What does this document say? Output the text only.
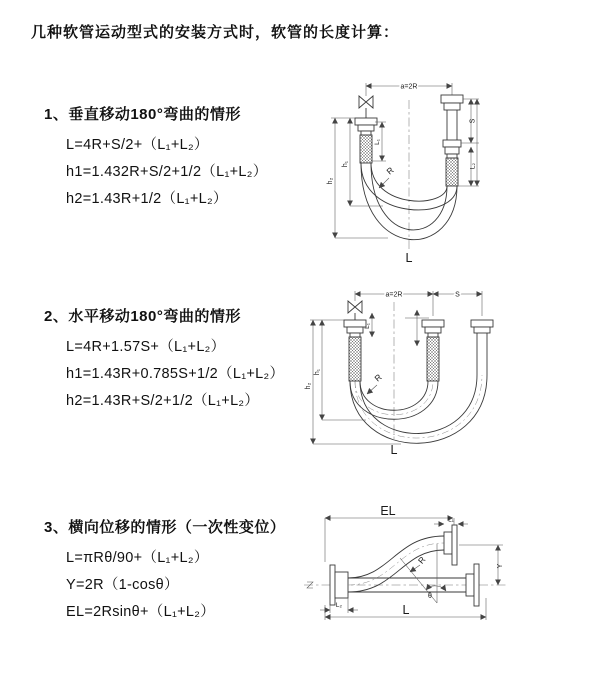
几种软管运动型式的安装方式时，软管的长度计算：
1、垂直移动180°弯曲的情形
L=4R+S/2+（L₁+L₂）
h1=1.432R+S/2+1/2（L₁+L₂）
h2=1.43R+1/2（L₁+L₂）
a=2R
h₁
h₂
L₁
S
L₂
R
L
2、水平移动180°弯曲的情形
L=4R+1.57S+（L₁+L₂）
h1=1.43R+0.785S+1/2（L₁+L₂）
h2=1.43R+S/2+1/2（L₁+L₂）
a=2R	S
L₁
h₁
h₂
R
L
3、横向位移的情形（一次性变位）
L=πRθ/90+（L₁+L₂）
Y=2R（1-cosθ）
EL=2Rsinθ+（L₁+L₂）
EL
L₁
Y
θ
R
L₂	L
